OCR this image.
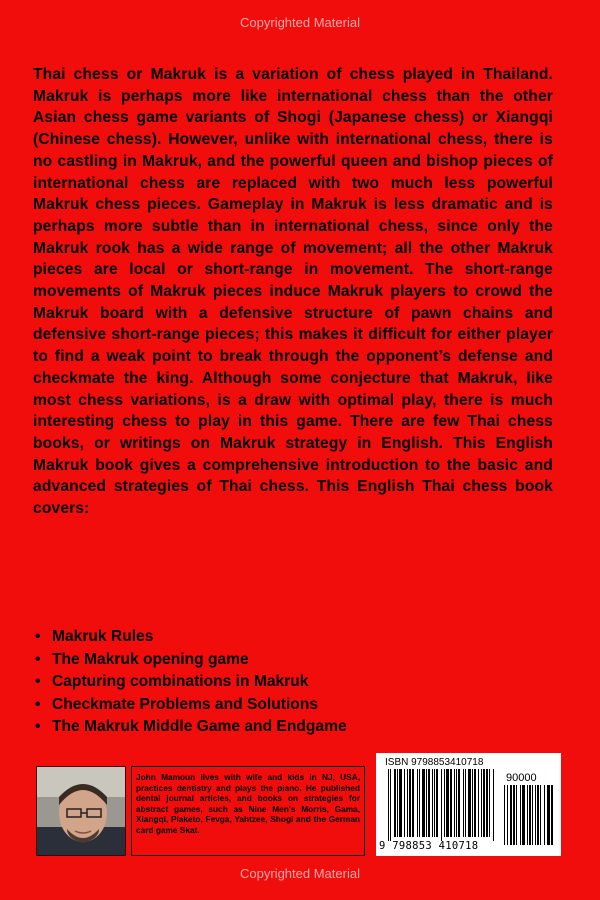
Copyrighted Material
Thai chess or Makruk is a variation of chess played in Thailand. Makruk is perhaps more like international chess than the other Asian chess game variants of Shogi (Japanese chess) or Xiangqi (Chinese chess). However, unlike with international chess, there is no castling in Makruk, and the powerful queen and bishop pieces of international chess are replaced with two much less powerful Makruk chess pieces. Gameplay in Makruk is less dramatic and is perhaps more subtle than in international chess, since only the Makruk rook has a wide range of movement; all the other Makruk pieces are local or short-range in movement. The short-range movements of Makruk pieces induce Makruk players to crowd the Makruk board with a defensive structure of pawn chains and defensive short-range pieces; this makes it difficult for either player to find a weak point to break through the opponent’s defense and checkmate the king. Although some conjecture that Makruk, like most chess variations, is a draw with optimal play, there is much interesting chess to play in this game. There are few Thai chess books, or writings on Makruk strategy in English. This English Makruk book gives a comprehensive introduction to the basic and advanced strategies of Thai chess. This English Thai chess book covers:
• Makruk Rules
• The Makruk opening game
• Capturing combinations in Makruk
• Checkmate Problems and Solutions
• The Makruk Middle Game and Endgame
John Mamoun lives with wife and kids in NJ, USA, practices dentistry and plays the piano. He published dental journal articles, and books on strategies for abstract games, such as Nine Men's Morris, Gama, Xiangqi, Piaketo, Fevga, Yahtzee, Shogi and the German card game Skat.
ISBN 9798853410718
90000
9 798853 410718
Copyrighted Material
